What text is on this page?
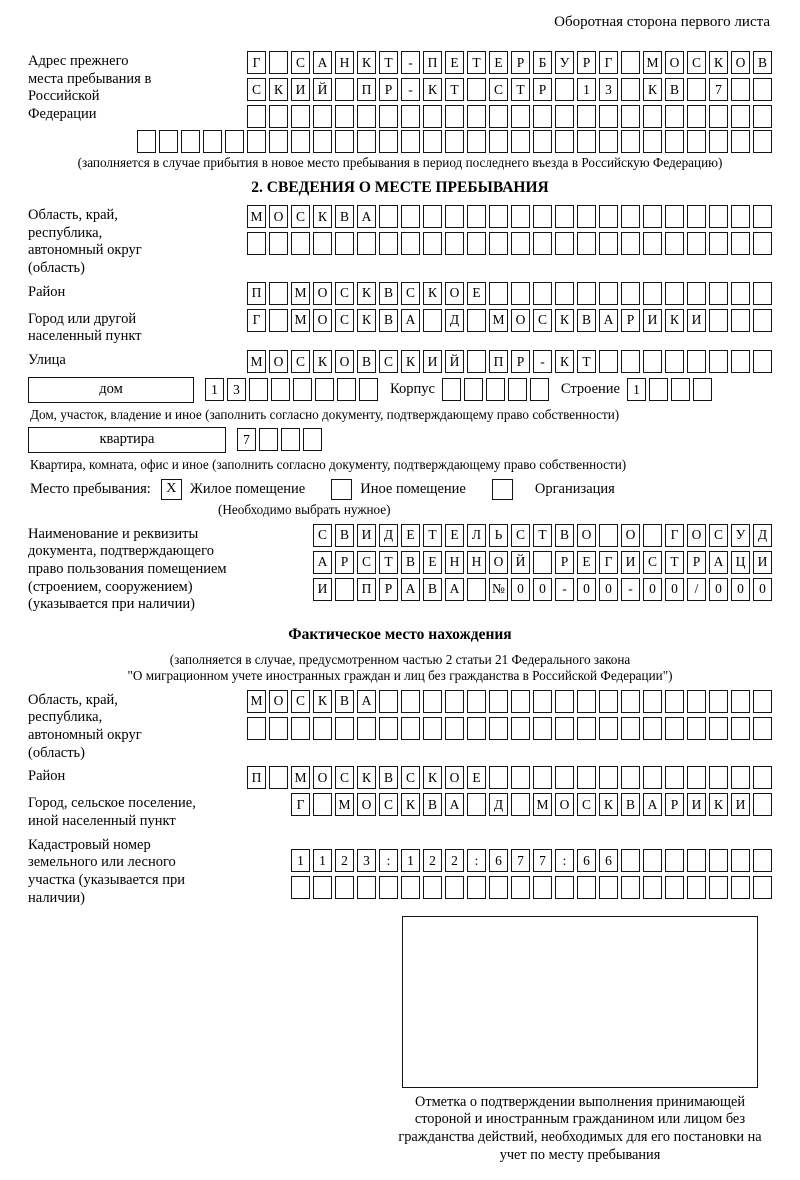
Оборотная сторона первого листа
Адрес прежнего места пребывания в Российской Федерации
Г	С А Н К Т	-	П Е	Т	Е	Р	Б У Р	Г	М О С К О В
С К И Й	П Р	-	К Т	С Т	Р	1	3	К В	7
(заполняется в случае прибытия в новое место пребывания в период последнего въезда в Российскую Федерацию)
2. СВЕДЕНИЯ О МЕСТЕ ПРЕБЫВАНИЯ
Область, край, республика, автономный округ (область)
М О С К В А
Район	П	М О С К В С К О Е
Город или другой населенный пункт
Г	М О С К В А	Д	М О С К В А Р И К И
Улица	М О С К О В С К И Й	П Р	-	К Т
дом	1	3	Корпус	Строение 1
Дом, участок, владение и иное (заполнить согласно документу, подтверждающему право собственности)
квартира	7
Квартира, комната, офис и иное (заполнить согласно документу, подтверждающему право собственности)
Место пребывания:	X Жилое помещение	Иное помещение	Организация
(Необходимо выбрать нужное)
Наименование и реквизиты документа, подтверждающего право пользования помещением (строением, сооружением) (указывается при наличии)
С В И Д Е	Т	Е Л	Ь	С Т В О	О	Г О С У Д
А Р	С Т В Е Н Н О Й	Р	Е	Г И С Т	Р А Ц И
И	П Р А В А	№ 0	0	-	0	0	-	0	0	/	0	0	0
Фактическое место нахождения
(заполняется в случае, предусмотренном частью 2 статьи 21 Федерального закона
"О миграционном учете иностранных граждан и лиц без гражданства в Российской Федерации")
Область, край, республика, автономный округ (область)
М О С К В А
Район	П	М О С К В С К О Е
Город, сельское поселение, иной населенный пункт
Г	М О С К В А	Д	М О С К В А Р И К И
Кадастровый номер земельного или лесного участка (указывается при наличии)
1	1	2	3	:	1	2	2	:	6	7	7	:	6	6
Отметка о подтверждении выполнения принимающей стороной и иностранным гражданином или лицом без гражданства действий, необходимых для его постановки на учет по месту пребывания
